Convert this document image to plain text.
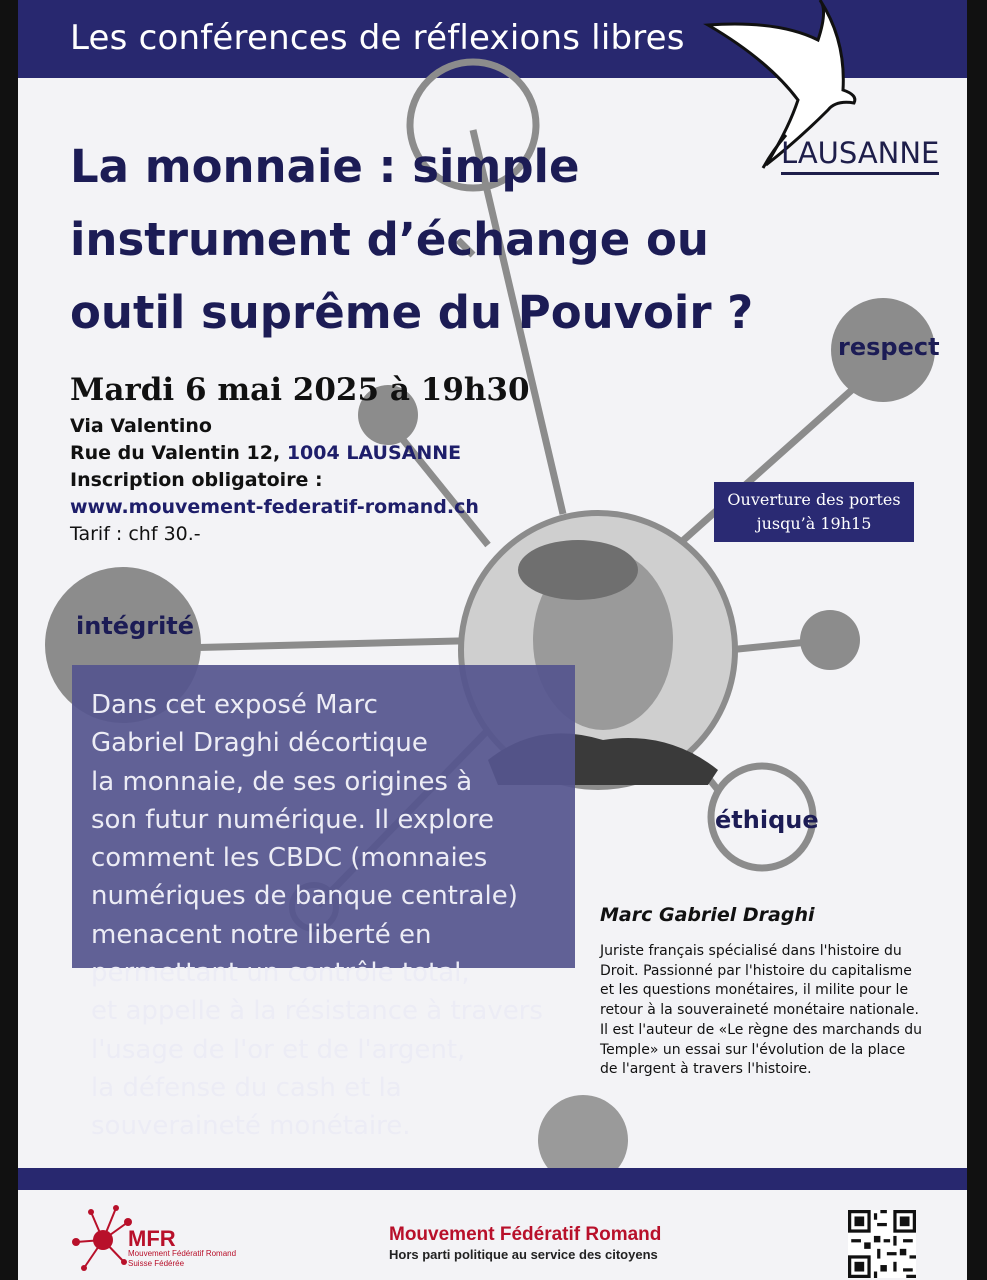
Les conférences de réflexions libres
LAUSANNE
La monnaie : simple
instrument d’échange ou
outil suprême du Pouvoir ?
Mardi 6 mai 2025 à 19h30
Via Valentino
Rue du Valentin 12, 1004 LAUSANNE
Inscription obligatoire :
www.mouvement-federatif-romand.ch
Tarif : chf 30.-
respect
intégrité
éthique
Ouverture des portes
jusqu’à 19h15
Dans cet exposé Marc
Gabriel Draghi décortique
la monnaie, de ses origines à
son futur numérique. Il explore
comment les CBDC (monnaies
numériques de banque centrale)
menacent notre liberté en
permettant un contrôle total,
et appelle à la résistance à travers
l'usage de l'or et de l'argent,
la défense du cash et la
souveraineté monétaire.
Marc Gabriel Draghi
Juriste français spécialisé dans l'histoire du
Droit. Passionné par l'histoire du capitalisme
et les questions monétaires, il milite pour le
retour à la souveraineté monétaire nationale.
Il est l'auteur de «Le règne des marchands du
Temple» un essai sur l'évolution de la place
de l'argent à travers l'histoire.
MFR
Mouvement Fédératif Romand
Suisse Fédérée
Mouvement Fédératif Romand
Hors parti politique au service des citoyens
